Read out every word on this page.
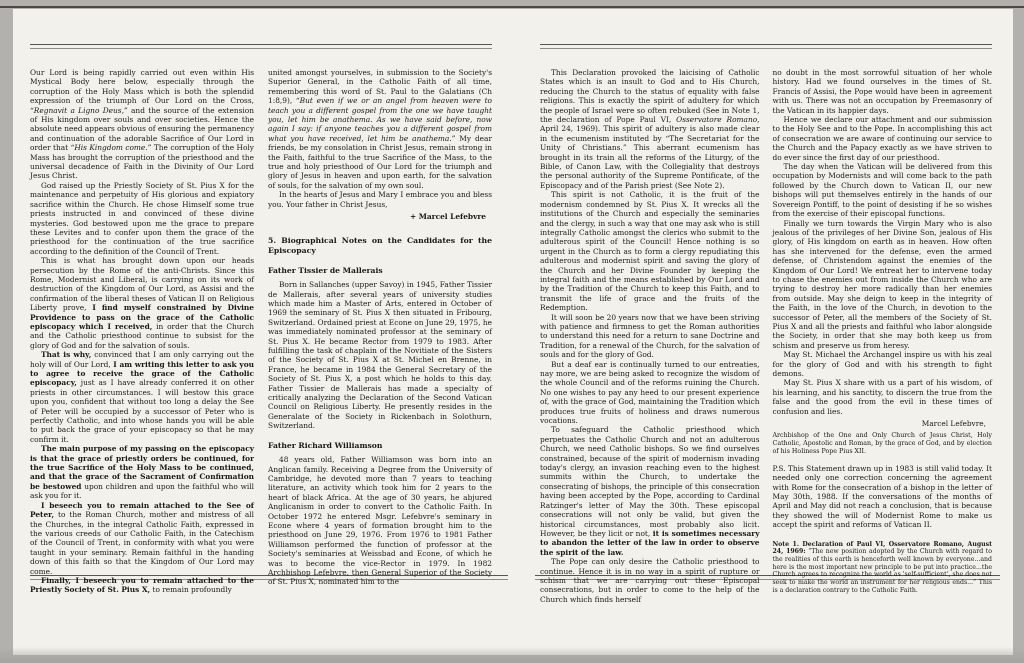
Our Lord is being rapidly carried out even within His Mystical Body here below, especially through the corruption of the Holy Mass which is both the splendid expression of the triumph of Our Lord on the Cross, “Regnavit a Ligno Deus,” and the source of the extension of His kingdom over souls and over societies. Hence the absolute need appears obvious of ensuring the permanency and continuation of the adorable Sacrifice of Our Lord in order that “His Kingdom come.” The corruption of the Holy Mass has brought the corruption of the priesthood and the universal decadence of Faith in the Divinity of Our Lord Jesus Christ.

God raised up the Priestly Society of St. Pius X for the maintenance and perpetuity of His glorious and expiatory sacrifice within the Church. He chose Himself some true priests instructed in and convinced of these divine mysteries. God bestowed upon me the grace to prepare these Levites and to confer upon them the grace of the priesthood for the continuation of the true sacrifice according to the definition of the Council of Trent.

This is what has brought down upon our heads persecution by the Rome of the anti-Christs. Since this Rome, Modernist and Liberal, is carrying on its work of destruction of the Kingdom of Our Lord, as Assisi and the confirmation of the liberal theses of Vatican II on Religious Liberty prove, I find myself constrained by Divine Providence to pass on the grace of the Catholic episcopacy which I received, in order that the Church and the Catholic priesthood continue to subsist for the glory of God and for the salvation of souls.

That is why, convinced that I am only carrying out the holy will of Our Lord, I am writing this letter to ask you to agree to receive the grace of the Catholic episcopacy, just as I have already conferred it on other priests in other circumstances. I will bestow this grace upon you, confident that without too long a delay the See of Peter will be occupied by a successor of Peter who is perfectly Catholic, and into whose hands you will be able to put back the grace of your episcopacy so that he may confirm it.

The main purpose of my passing on the episcopacy is that the grace of priestly orders be continued, for the true Sacrifice of the Holy Mass to be continued, and that the grace of the Sacrament of Confirmation be bestowed upon children and upon the faithful who will ask you for it.

I beseech you to remain attached to the See of Peter, to the Roman Church, mother and mistress of all the Churches, in the integral Catholic Faith, expressed in the various creeds of our Catholic Faith, in the Catechism of the Council of Trent, in conformity with what you were taught in your seminary. Remain faithful in the handing down of this faith so that the Kingdom of Our Lord may come.

Finally, I beseech you to remain attached to the Priestly Society of St. Pius X, to remain profoundly

united amongst yourselves, in submission to the Society's Superior General, in the Catholic Faith of all time, remembering this word of St. Paul to the Galatians (Ch 1:8,9), “But even if we or an angel from heaven were to teach you a different gospel from the one we have taught you, let him be anathema. As we have said before, now again I say: if anyone teaches you a different gospel from what you have received, let him be anathema.” My dear friends, be my consolation in Christ Jesus, remain strong in the Faith, faithful to the true Sacrifice of the Mass, to the true and holy priesthood of Our Lord for the triumph and glory of Jesus in heaven and upon earth, for the salvation of souls, for the salvation of my own soul.

In the hearts of Jesus and Mary I embrace you and bless you. Your father in Christ Jesus,

+ Marcel Lefebvre

5. Biographical Notes on the Candidates for the Episcopacy

Father Tissier de Mallerais

Born in Sallanches (upper Savoy) in 1945, Father Tissier de Mallerais, after several years of university studies which made him a Master of Arts, entered in October of 1969 the seminary of St. Pius X then situated in Fribourg, Switzerland. Ordained priest at Econe on June 29, 1975, he was immediately nominated professor at the seminary of St. Pius X. He became Rector from 1979 to 1983. After fulfilling the task of chaplain of the Novitiate of the Sisters of the Society of St. Pius X at St. Michel en Brenne, in France, he became in 1984 the General Secretary of the Society of St. Pius X, a post which he holds to this day. Father Tissier de Mallerais has made a specialty of critically analyzing the Declaration of the Second Vatican Council on Religious Liberty. He presently resides in the Generalate of the Society in Rickenbach in Solothurn, Switzerland.

Father Richard Williamson

48 years old, Father Williamson was born into an Anglican family. Receiving a Degree from the University of Cambridge, he devoted more than 7 years to teaching literature, an activity which took him for 2 years to the heart of black Africa. At the age of 30 years, he abjured Anglicanism in order to convert to the Catholic Faith. In October 1972 he entered Msgr. Lefebvre's seminary in Econe where 4 years of formation brought him to the priesthood on June 29, 1976. From 1976 to 1981 Father Williamson performed the function of professor at the Society's seminaries at Weissbad and Econe, of which he was to become the vice-Rector in 1979. In 1982 Archbishop Lefebvre, then General Superior of the Society of St. Pius X, nominated him to the

This Declaration provoked the laicising of Catholic States which is an insult to God and to His Church, reducing the Church to the status of equality with false religions. This is exactly the spirit of adultery for which the people of Israel were so often rebuked (See in Note 1, the declaration of Pope Paul VI, Osservatore Romano, April 24, 1969). This spirit of adultery is also made clear in the ecumenism instituted by “The Secretariat for the Unity of Christians.” This aberrant ecumenism has brought in its train all the reforms of the Liturgy, of the Bible, of Canon Law, with the Collegiality that destroys the personal authority of the Supreme Pontificate, of the Episcopacy and of the Parish priest (See Note 2).

This spirit is not Catholic, it is the fruit of the modernism condemned by St. Pius X. It wrecks all the institutions of the Church and especially the seminaries and the clergy, in such a way that one may ask who is still integrally Catholic amongst the clerics who submit to the adulterous spirit of the Council! Hence nothing is so urgent in the Church as to form a clergy repudiating this adulterous and modernist spirit and saving the glory of the Church and her Divine Founder by keeping the integral faith and the means established by Our Lord and by the Tradition of the Church to keep this Faith, and to transmit the life of grace and the fruits of the Redemption.

It will soon be 20 years now that we have been striving with patience and firmness to get the Roman authorities to understand this need for a return to sane Doctrine and Tradition, for a renewal of the Church, for the salvation of souls and for the glory of God.

But a deaf ear is continually turned to our entreaties, nay more, we are being asked to recognize the wisdom of the whole Council and of the reforms ruining the Church. No one wishes to pay any heed to our present experience of, with the grace of God, maintaining the Tradition which produces true fruits of holiness and draws numerous vocations.

To safeguard the Catholic priesthood which perpetuates the Catholic Church and not an adulterous Church, we need Catholic bishops. So we find ourselves constrained, because of the spirit of modernism invading today's clergy, an invasion reaching even to the highest summits within the Church, to undertake the consecrating of bishops, the principle of this consecration having been accepted by the Pope, according to Cardinal Ratzinger's letter of May the 30th. These episcopal consecrations will not only be valid, but given the historical circumstances, most probably also licit. However, be they licit or not, it is sometimes necessary to abandon the letter of the law in order to observe the spirit of the law.

The Pope can only desire the Catholic priesthood to continue. Hence it is in no way in a spirit of rupture or schism that we are carrying out these Episcopal consecrations, but in order to come to the help of the Church which finds herself

no doubt in the most sorrowful situation of her whole history. Had we found ourselves in the times of St. Francis of Assisi, the Pope would have been in agreement with us. There was not an occupation by Freemasonry of the Vatican in its happier days.

Hence we declare our attachment and our submission to the Holy See and to the Pope. In accomplishing this act of consecration we are aware of continuing our service to the Church and the Papacy exactly as we have striven to do ever since the first day of our priesthood.

The day when the Vatican will be delivered from this occupation by Modernists and will come back to the path followed by the Church down to Vatican II, our new bishops will put themselves entirely in the hands of our Sovereign Pontiff, to the point of desisting if he so wishes from the exercise of their episcopal functions.

Finally we turn towards the Virgin Mary who is also jealous of the privileges of her Divine Son, jealous of His glory, of His kingdom on earth as in heaven. How often has she intervened for the defense, even the armed defense, of Christendom against the enemies of the Kingdom of Our Lord! We entreat her to intervene today to chase the enemies out from inside the Church who are trying to destroy her more radically than her enemies from outside. May she deign to keep in the integrity of the Faith, in the love of the Church, in devotion to the successor of Peter, all the members of the Society of St. Pius X and all the priests and faithful who labor alongside the Society, in order that she may both keep us from schism and preserve us from heresy.

May St. Michael the Archangel inspire us with his zeal for the glory of God and with his strength to fight demons.

May St. Pius X share with us a part of his wisdom, of his learning, and his sanctity, to discern the true from the false and the good from the evil in these times of confusion and lies.

Marcel Lefebvre,

Archbishop of the One and Only Church of Jesus Christ, Holy Catholic, Apostolic and Roman, by the grace of God, and by election of his Holiness Pope Pius XII.

P.S. This Statement drawn up in 1983 is still valid today. It needed only one correction concerning the agreement with Rome for the consecration of a bishop in the letter of May 30th, 1988. If the conversations of the months of April and May did not reach a conclusion, that is because they showed the will of Modernist Rome to make us accept the spirit and reforms of Vatican II.

Note 1. Declaration of Paul VI, Osservatore Romano, August 24, 1969: “The new position adopted by the Church with regard to the realities of this earth is henceforth well known by everyone...and here is the most important new principle to be put into practice...the Church agrees to recognize the world as 'self-sufficient', she does not seek to make the world an instrument for her religious ends...” This is a declaration contrary to the Catholic Faith.
